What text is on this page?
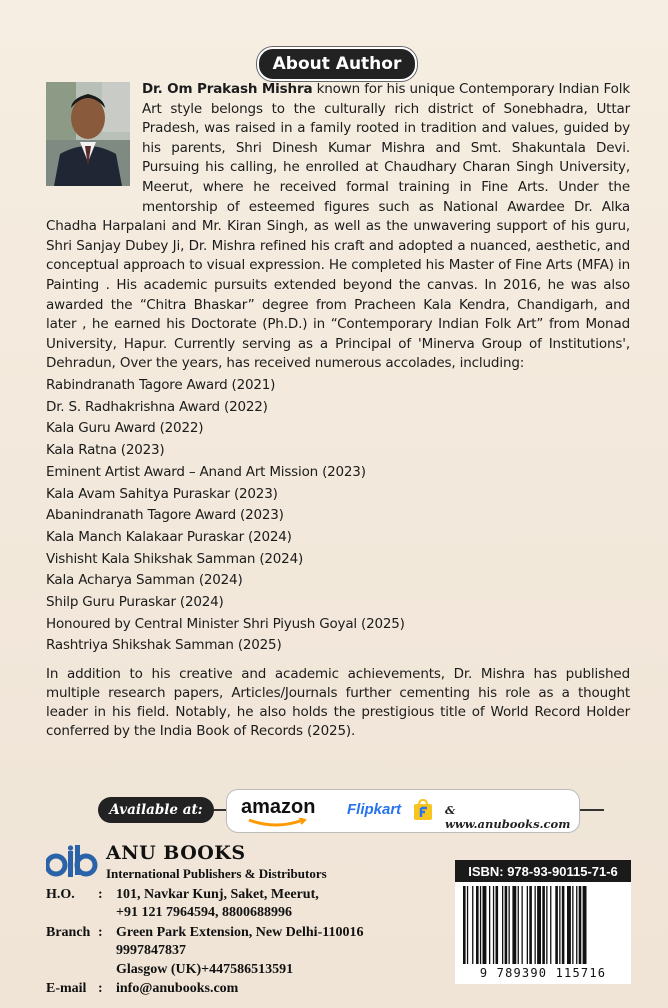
About Author
Dr. Om Prakash Mishra known for his unique Contemporary Indian Folk Art style belongs to the culturally rich district of Sonebhadra, Uttar Pradesh, was raised in a family rooted in tradition and values, guided by his parents, Shri Dinesh Kumar Mishra and Smt. Shakuntala Devi. Pursuing his calling, he enrolled at Chaudhary Charan Singh University, Meerut, where he received formal training in Fine Arts. Under the mentorship of esteemed figures such as National Awardee Dr. Alka Chadha Harpalani and Mr. Kiran Singh, as well as the unwavering support of his guru, Shri Sanjay Dubey Ji, Dr. Mishra refined his craft and adopted a nuanced, aesthetic, and conceptual approach to visual expression. He completed his Master of Fine Arts (MFA) in Painting . His academic pursuits extended beyond the canvas. In 2016, he was also awarded the “Chitra Bhaskar” degree from Pracheen Kala Kendra, Chandigarh, and later , he earned his Doctorate (Ph.D.) in “Contemporary Indian Folk Art” from Monad University, Hapur. Currently serving as a Principal of 'Minerva Group of Institutions', Dehradun, Over the years, has received numerous accolades, including:
Rabindranath Tagore Award (2021)
Dr. S. Radhakrishna Award (2022)
Kala Guru Award (2022)
Kala Ratna (2023)
Eminent Artist Award – Anand Art Mission (2023)
Kala Avam Sahitya Puraskar (2023)
Abanindranath Tagore Award (2023)
Kala Manch Kalakaar Puraskar (2024)
Vishisht Kala Shikshak Samman (2024)
Kala Acharya Samman (2024)
Shilp Guru Puraskar (2024)
Honoured by Central Minister Shri Piyush Goyal (2025)
Rashtriya Shikshak Samman (2025)
In addition to his creative and academic achievements, Dr. Mishra has published multiple research papers, Articles/Journals further cementing his role as a thought leader in his field. Notably, he also holds the prestigious title of World Record Holder conferred by the India Book of Records (2025).
Available at:	amazon Flipkart	& www.anubooks.com
ANU BOOKS
International Publishers & Distributors
H.O. : 101, Navkar Kunj, Saket, Meerut,
+91 121 7964594, 8800688996
Branch : Green Park Extension, New Delhi-110016
9997847837
Glasgow (UK)+447586513591
E-mail : info@anubooks.com
ISBN: 978-93-90115-71-6
9 789390 115716
